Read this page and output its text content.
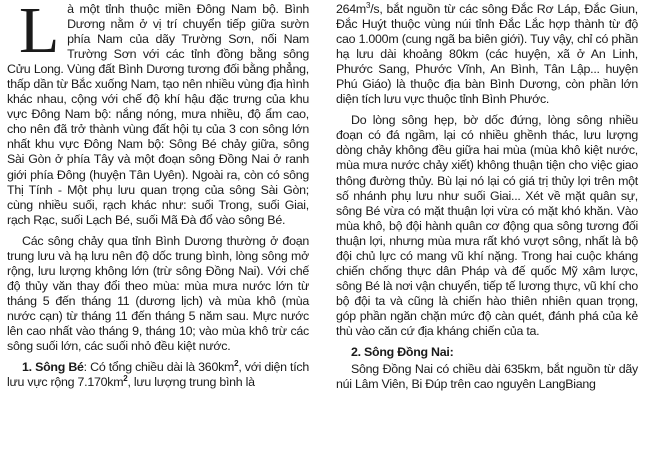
Là một tỉnh thuộc miền Đông Nam bộ. Bình Dương nằm ở vị trí chuyển tiếp giữa sườn phía Nam của dãy Trường Sơn, nối Nam Trường Sơn với các tỉnh đồng bằng sông Cửu Long. Vùng đất Bình Dương tương đối bằng phẳng, thấp dần từ Bắc xuống Nam, tạo nên nhiều vùng địa hình khác nhau, cộng với chế độ khí hậu đặc trưng của khu vực Đông Nam bộ: nắng nóng, mưa nhiều, độ ẩm cao, cho nên đã trở thành vùng đất hội tụ của 3 con sông lớn nhất khu vực Đông Nam bộ: Sông Bé chảy giữa, sông Sài Gòn ở phía Tây và một đoạn sông Đồng Nai ở ranh giới phía Đông (huyện Tân Uyên). Ngoài ra, còn có sông Thị Tính - Một phụ lưu quan trọng của sông Sài Gòn; cùng nhiều suối, rạch khác như: suối Trong, suối Giai, rạch Rạc, suối Lạch Bé, suối Mã Đà đổ vào sông Bé.

Các sông chảy qua tỉnh Bình Dương thường ở đoạn trung lưu và hạ lưu nên độ dốc trung bình, lòng sông mở rộng, lưu lượng không lớn (trừ sông Đồng Nai). Với chế độ thủy văn thay đổi theo mùa: mùa mưa nước lớn từ tháng 5 đến tháng 11 (dương lịch) và mùa khô (mùa nước cạn) từ tháng 11 đến tháng 5 năm sau. Mực nước lên cao nhất vào tháng 9, tháng 10; vào mùa khô trừ các sông suối lớn, các suối nhỏ đều kiệt nước.

1. Sông Bé: Có tổng chiều dài là $360km^2$, với diện tích lưu vực rộng $7.170km^2$, lưu lượng trung bình là

$264m^3/s$, bắt nguồn từ các sông Đắc Rơ Láp, Đắc Giun, Đắc Huýt thuộc vùng núi tỉnh Đắc Lắc hợp thành từ độ cao 1.000m (cung ngã ba biên giới). Tuy vậy, chỉ có phần hạ lưu dài khoảng 80km (các huyện, xã ở An Linh, Phước Sang, Phước Vĩnh, An Bình, Tân Lập... huyện Phú Giáo) là thuộc địa bàn Bình Dương, còn phần lớn diện tích lưu vực thuộc tỉnh Bình Phước.

Do lòng sông hẹp, bờ dốc đứng, lòng sông nhiều đoạn có đá ngầm, lại có nhiều ghềnh thác, lưu lượng dòng chảy không đều giữa hai mùa (mùa khô kiệt nước, mùa mưa nước chảy xiết) không thuận tiện cho việc giao thông đường thủy. Bù lại nó lại có giá trị thủy lợi trên một số nhánh phụ lưu như suối Giai... Xét về mặt quân sự, sông Bé vừa có mặt thuận lợi vừa có mặt khó khăn. Vào mùa khô, bộ đội hành quân cơ động qua sông tương đối thuận lợi, nhưng mùa mưa rất khó vượt sông, nhất là bộ đội chủ lực có mang vũ khí nặng. Trong hai cuộc kháng chiến chống thực dân Pháp và đế quốc Mỹ xâm lược, sông Bé là nơi vận chuyển, tiếp tế lương thực, vũ khí cho bộ đội ta và cũng là chiến hào thiên nhiên quan trọng, góp phần ngăn chặn mức độ càn quét, đánh phá của kẻ thù vào căn cứ địa kháng chiến của ta.

2. Sông Đồng Nai:

Sông Đồng Nai có chiều dài 635km, bắt nguồn từ dãy núi Lâm Viên, Bi Đúp trên cao nguyên LangBiang
